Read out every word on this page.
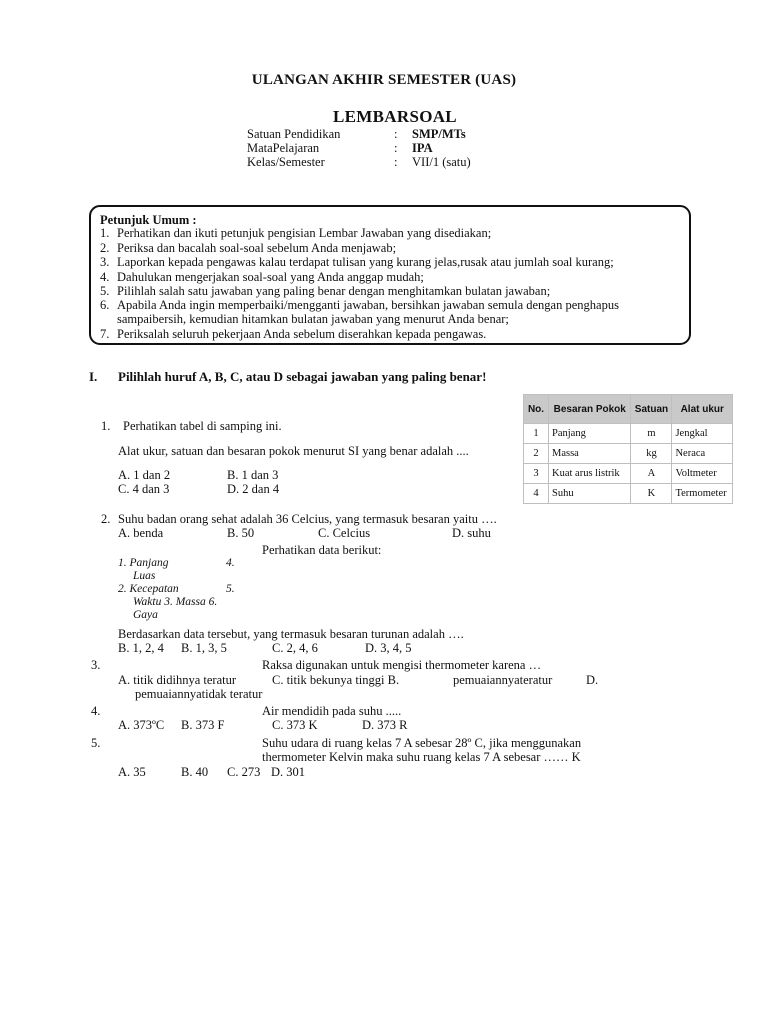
ULANGAN AKHIR SEMESTER (UAS)
LEMBARSOAL
Satuan Pendidikan	: SMP/MTs
MataPelajaran	: IPA
Kelas/Semester	: VII/1 (satu)
Petunjuk Umum :
1. Perhatikan dan ikuti petunjuk pengisian Lembar Jawaban yang disediakan;
2. Periksa dan bacalah soal-soal sebelum Anda menjawab;
3. Laporkan kepada pengawas kalau terdapat tulisan yang kurang jelas,rusak atau jumlah soal kurang;
4. Dahulukan mengerjakan soal-soal yang Anda anggap mudah;
5. Pilihlah salah satu jawaban yang paling benar dengan menghitamkan bulatan jawaban;
6. Apabila Anda ingin memperbaiki/mengganti jawaban, bersihkan jawaban semula dengan penghapus
sampaibersih, kemudian hitamkan bulatan jawaban yang menurut Anda benar;
7. Periksalah seluruh pekerjaan Anda sebelum diserahkan kepada pengawas.
I. Pilihlah huruf A, B, C, atau D sebagai jawaban yang paling benar!
No.	Besaran Pokok	Satuan	Alat ukur
1	Panjang	m	Jengkal
2	Massa	kg	Neraca
3	Kuat arus listrik	A	Voltmeter
4	Suhu	K	Termometer
1. Perhatikan tabel di samping ini.
Alat ukur, satuan dan besaran pokok menurut SI yang benar adalah ....
A. 1 dan 2	B. 1 dan 3
C. 4 dan 3	D. 2 dan 4
2. Suhu badan orang sehat adalah 36 Celcius, yang termasuk besaran yaitu ….
A. benda	B. 50	C. Celcius	D. suhu
Perhatikan data berikut:
1. Panjang	4.
Luas
2. Kecepatan	5.
Waktu 3. Massa 6.
Gaya
Berdasarkan data tersebut, yang termasuk besaran turunan adalah ….
B. 1, 2, 4 B. 1, 3, 5	C. 2, 4, 6	D. 3, 4, 5
3.	Raksa digunakan untuk mengisi thermometer karena …
A. titik didihnya teratur	C. titik bekunya tinggi B.	pemuaiannyateratur	D.
pemuaiannyatidak teratur
4.	Air mendidih pada suhu .....
A. 373ºC B. 373 F	C. 373 K	D. 373 R
5.	Suhu udara di ruang kelas 7 A sebesar 28º C, jika menggunakan
thermometer Kelvin maka suhu ruang kelas 7 A sebesar …… K
A. 35	B. 40 C. 273 D. 301
